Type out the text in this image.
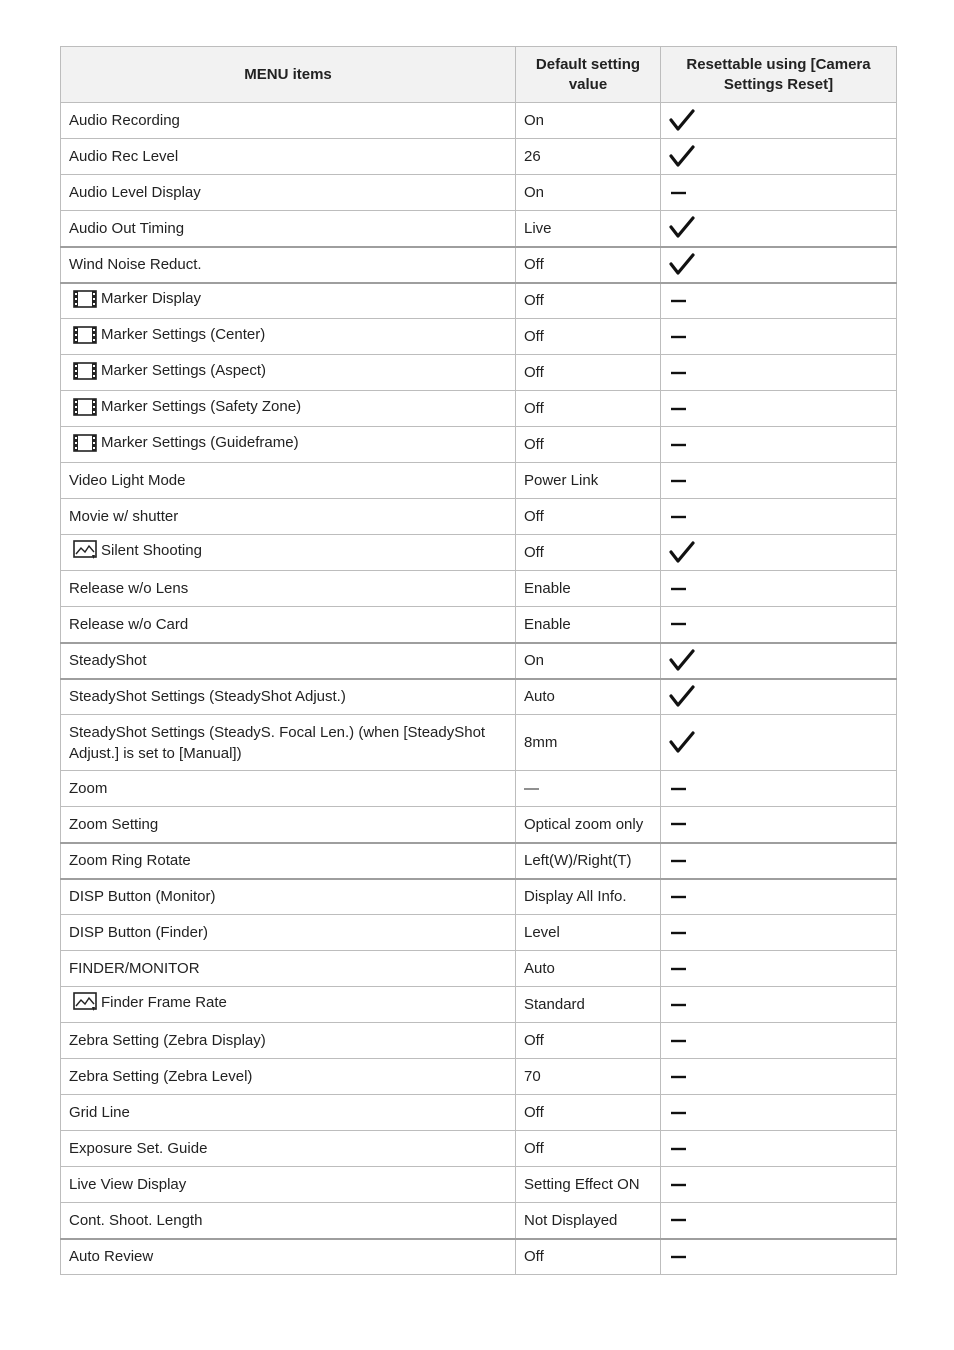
MENU items	Default setting value	Resettable using [Camera Settings Reset]
Audio Recording	On	

Audio Rec Level	26	

Audio Level Display	On	

Audio Out Timing	Live	

Wind Noise Reduct.	Off	

Marker Display	Off	

Marker Settings (Center)	Off	

Marker Settings (Aspect)	Off	

Marker Settings (Safety Zone)	Off	

Marker Settings (Guideframe)	Off	

Video Light Mode	Power Link	

Movie w/ shutter	Off	

Silent Shooting	Off	

Release w/o Lens	Enable	

Release w/o Card	Enable	

SteadyShot	On	

SteadyShot Settings (SteadyShot Adjust.)	Auto	

SteadyShot Settings (SteadyS. Focal Len.) (when [SteadyShot Adjust.] is set to [Manual])	8mm	

Zoom	—	

Zoom Setting	Optical zoom only	

Zoom Ring Rotate	Left(W)/Right(T)	

DISP Button (Monitor)	Display All Info.	

DISP Button (Finder)	Level	

FINDER/MONITOR	Auto	

Finder Frame Rate	Standard	

Zebra Setting (Zebra Display)	Off	

Zebra Setting (Zebra Level)	70	

Grid Line	Off	

Exposure Set. Guide	Off	

Live View Display	Setting Effect ON	

Cont. Shoot. Length	Not Displayed	

Auto Review	Off	
